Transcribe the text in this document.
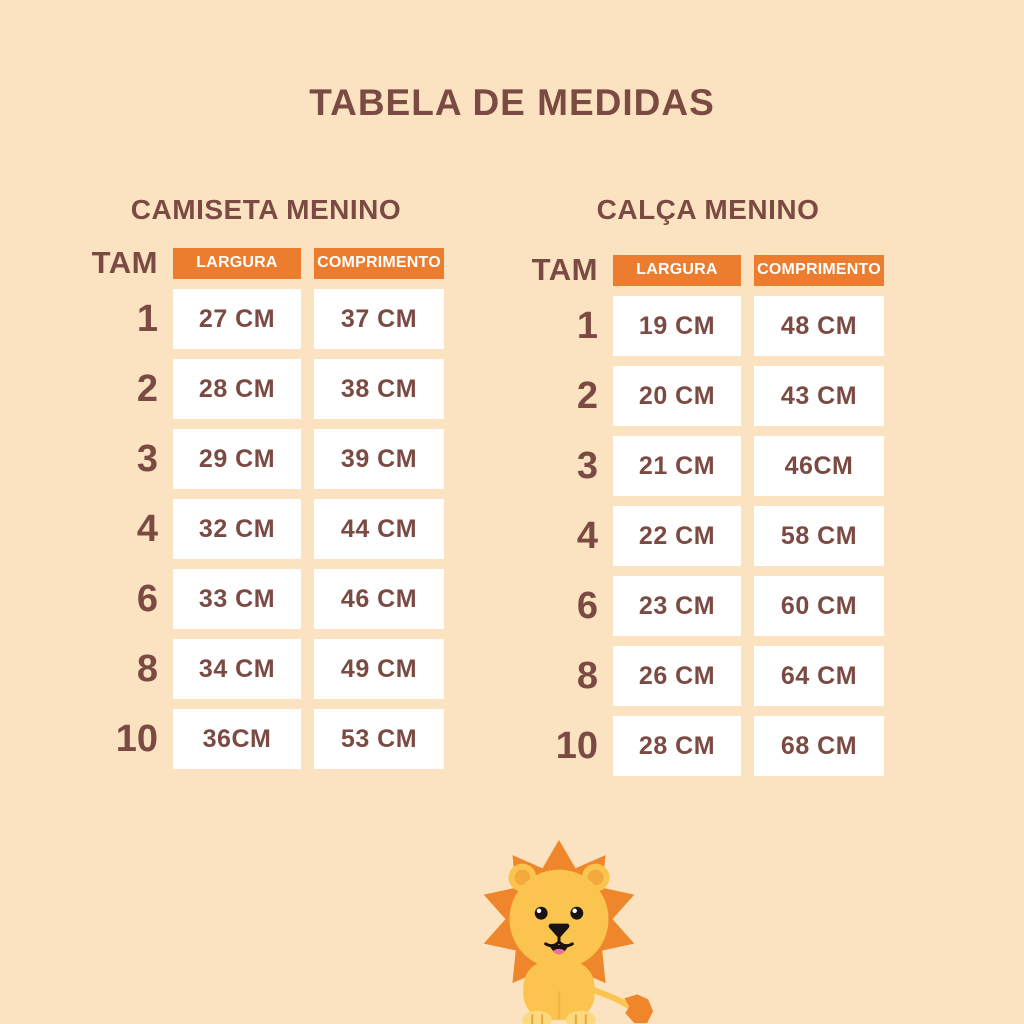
TABELA DE MEDIDAS
CAMISETA MENINO
TAM	LARGURA	COMPRIMENTO
1	27 CM	37 CM
2	28 CM	38 CM
3	29 CM	39 CM
4	32 CM	44 CM
6	33 CM	46 CM
8	34 CM	49 CM
10	36CM	53 CM
CALÇA MENINO
TAM	LARGURA	COMPRIMENTO
1	19 CM	48 CM
2	20 CM	43 CM
3	21 CM	46CM
4	22 CM	58 CM
6	23 CM	60 CM
8	26 CM	64 CM
10	28 CM	68 CM
